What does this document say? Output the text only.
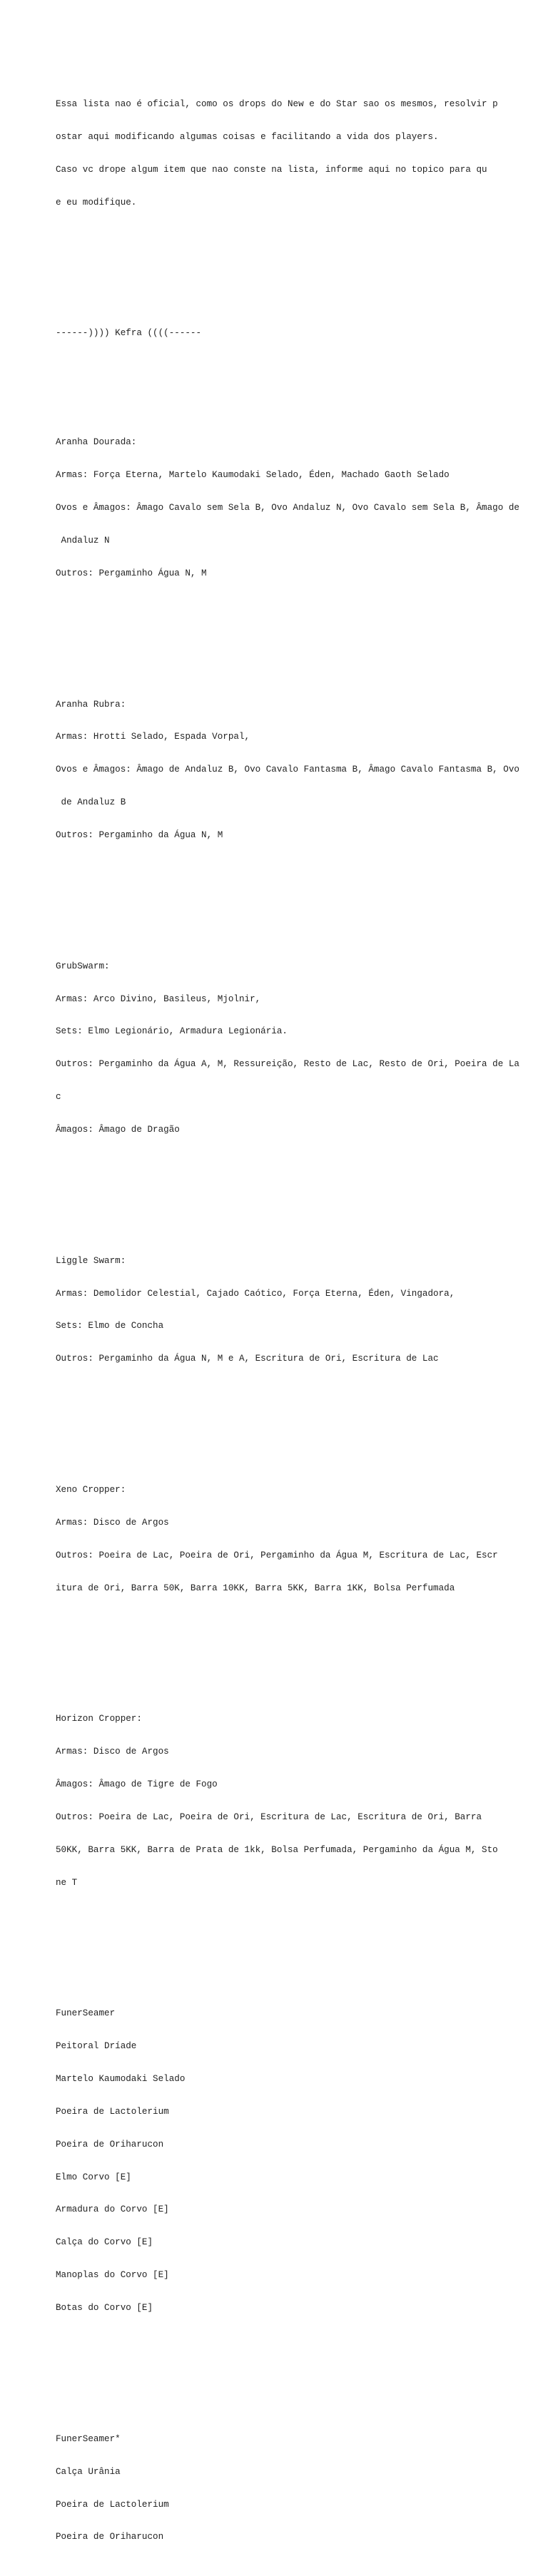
Essa lista nao é oficial, como os drops do New e do Star sao os mesmos, resolvir p

ostar aqui modificando algumas coisas e facilitando a vida dos players.

Caso vc drope algum item que nao conste na lista, informe aqui no topico para qu

e eu modifique.

------)))) Kefra ((((------

Aranha Dourada:

Armas: Força Eterna, Martelo Kaumodaki Selado, Éden, Machado Gaoth Selado

Ovos e Âmagos: Âmago Cavalo sem Sela B, Ovo Andaluz N, Ovo Cavalo sem Sela B, Âmago de

Andaluz N

Outros: Pergaminho Água N, M

Aranha Rubra:

Armas: Hrotti Selado, Espada Vorpal,

Ovos e Âmagos: Âmago de Andaluz B, Ovo Cavalo Fantasma B, Âmago Cavalo Fantasma B, Ovo

de Andaluz B

Outros: Pergaminho da Água N, M

GrubSwarm:

Armas: Arco Divino, Basileus, Mjolnir,

Sets: Elmo Legionário, Armadura Legionária.

Outros: Pergaminho da Água A, M, Ressureição, Resto de Lac, Resto de Ori, Poeira de La

c

Âmagos: Âmago de Dragão

Liggle Swarm:

Armas: Demolidor Celestial, Cajado Caótico, Força Eterna, Éden, Vingadora,

Sets: Elmo de Concha

Outros: Pergaminho da Água N, M e A, Escritura de Ori, Escritura de Lac

Xeno Cropper:

Armas: Disco de Argos

Outros: Poeira de Lac, Poeira de Ori, Pergaminho da Água M, Escritura de Lac, Escr

itura de Ori, Barra 50K, Barra 10KK, Barra 5KK, Barra 1KK, Bolsa Perfumada

Horizon Cropper:

Armas: Disco de Argos

Âmagos: Âmago de Tigre de Fogo

Outros: Poeira de Lac, Poeira de Ori, Escritura de Lac, Escritura de Ori, Barra

50KK, Barra 5KK, Barra de Prata de 1kk, Bolsa Perfumada, Pergaminho da Água M, Sto

ne T

FunerSeamer

Peitoral Dríade

Martelo Kaumodaki Selado

Poeira de Lactolerium

Poeira de Oriharucon

Elmo Corvo [E]

Armadura do Corvo [E]

Calça do Corvo [E]

Manoplas do Corvo [E]

Botas do Corvo [E]

FunerSeamer*

Calça Urânia

Poeira de Lactolerium

Poeira de Oriharucon
